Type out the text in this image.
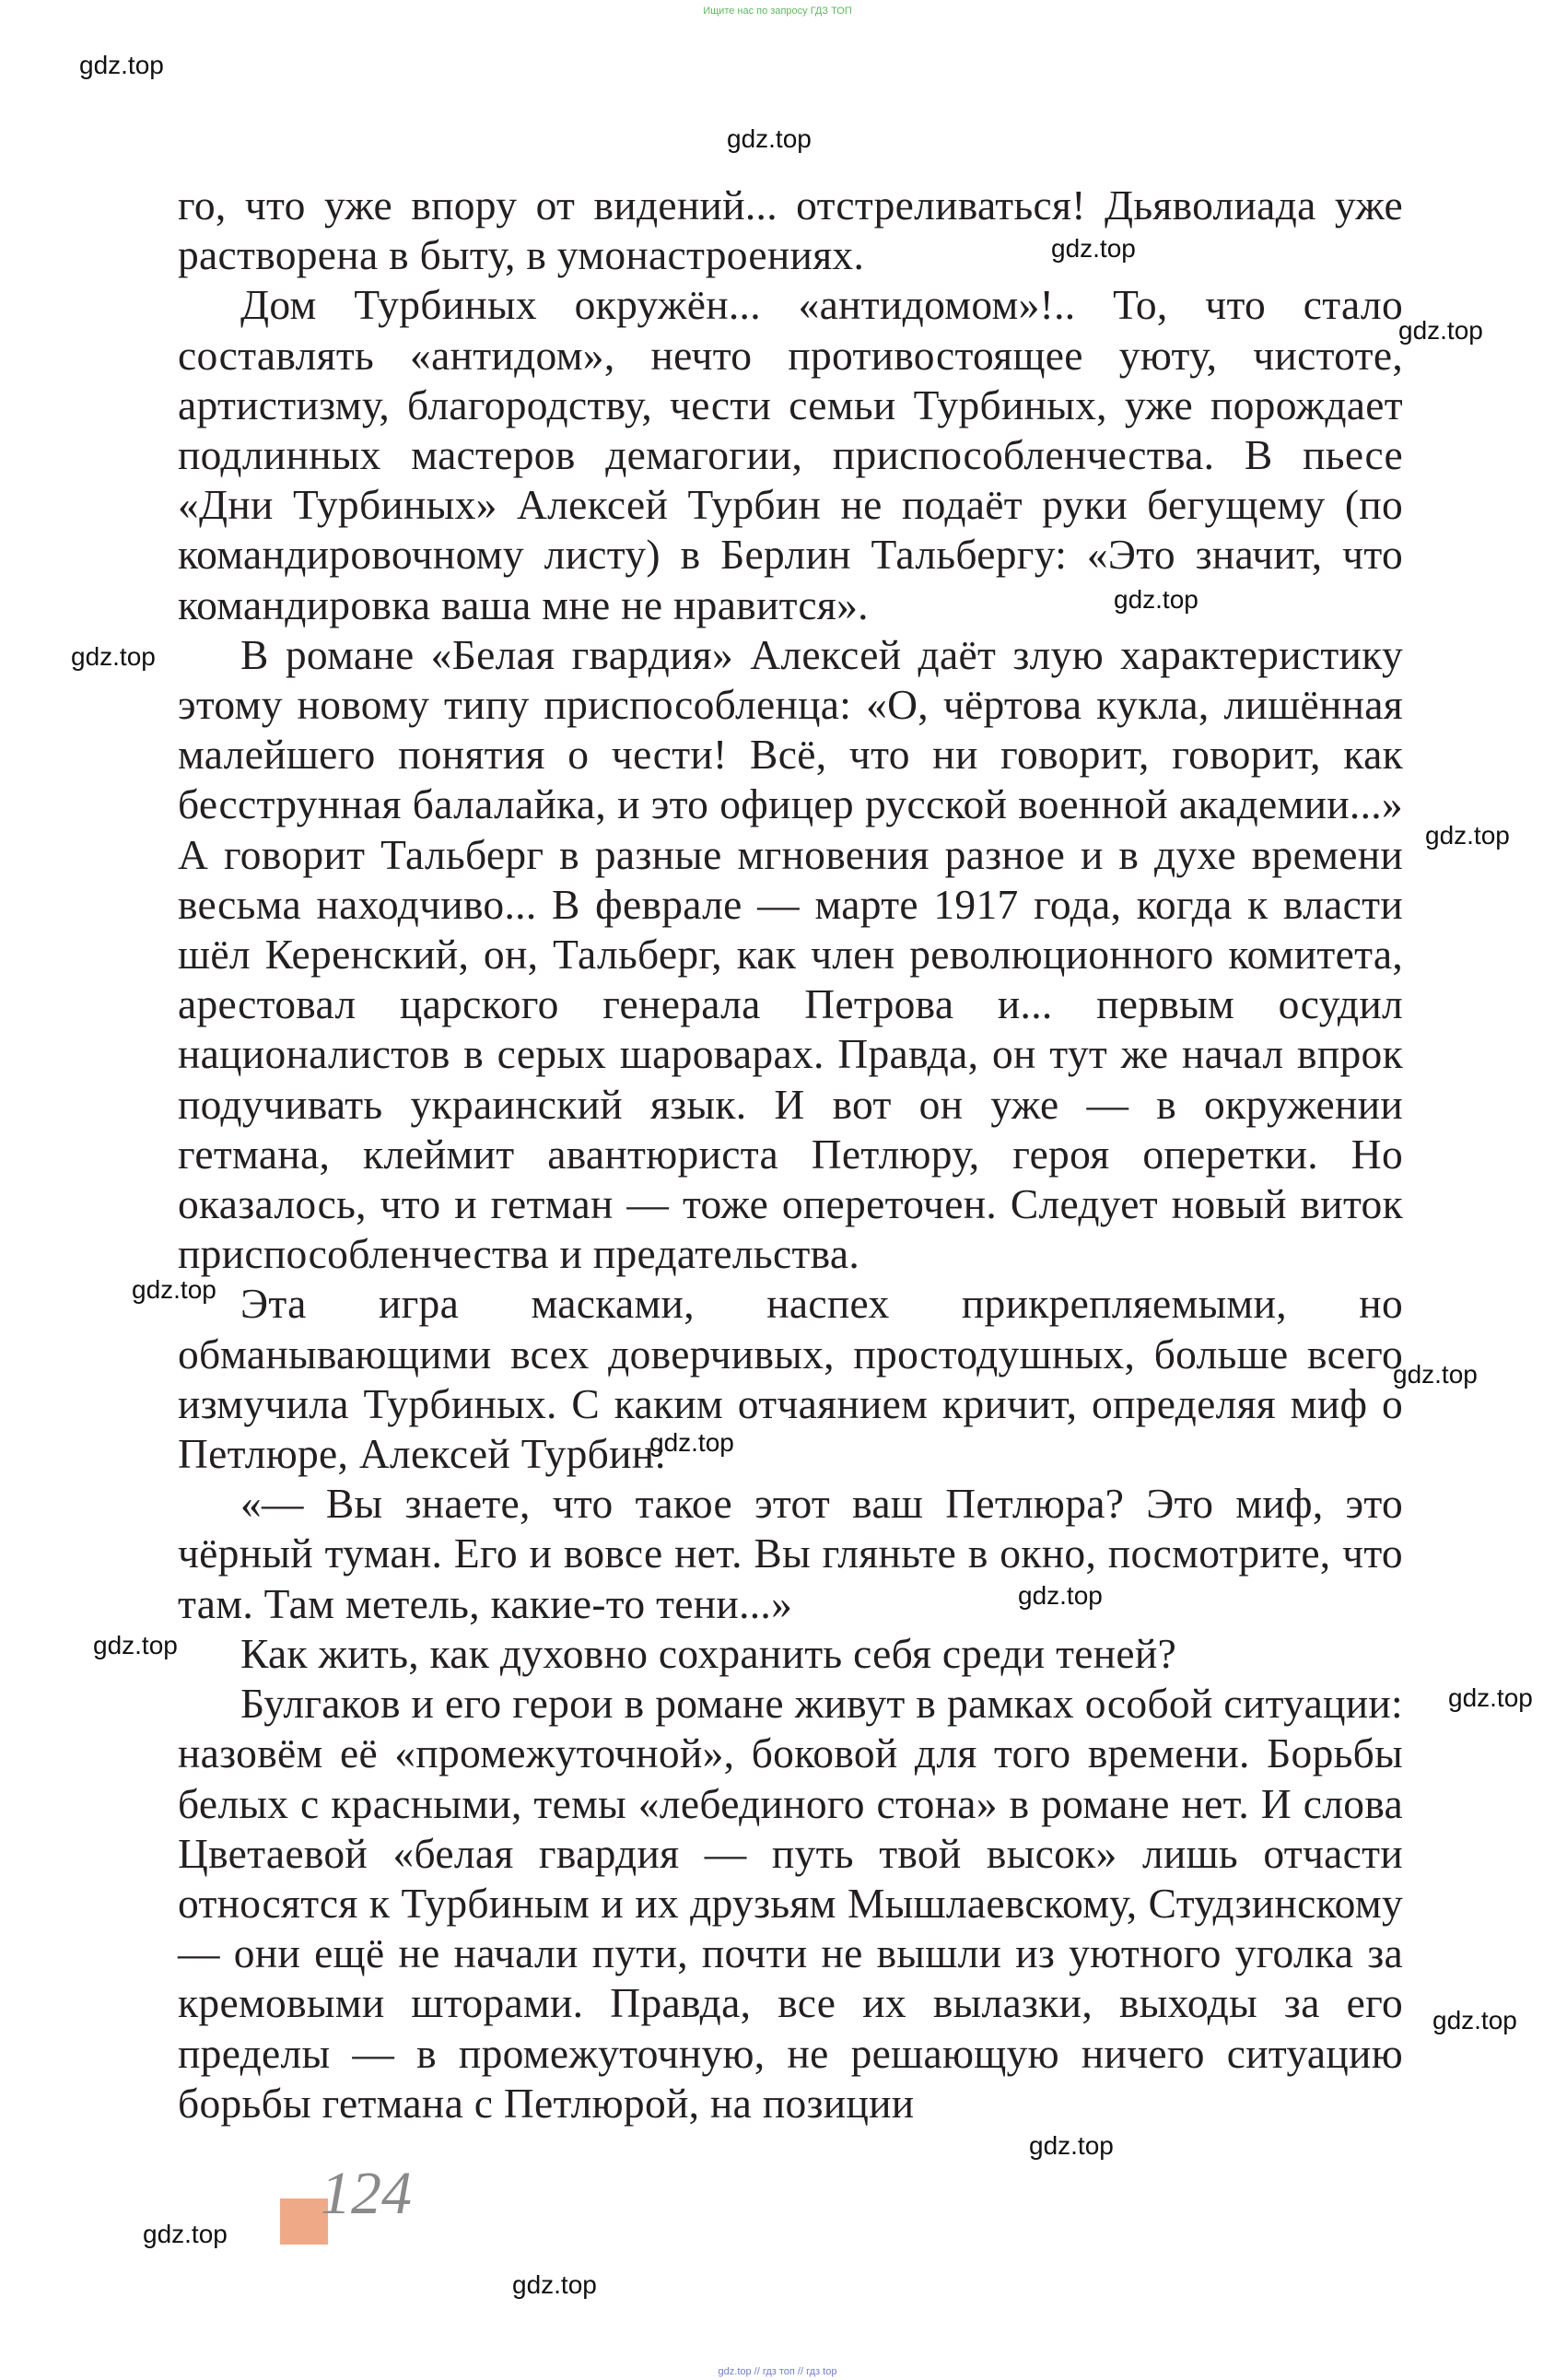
Ищите нас по запросу ГДЗ ТОП
gdz.top
gdz.top
gdz.top
gdz.top
gdz.top
gdz.top
gdz.top
gdz.top
gdz.top
gdz.top
gdz.top
gdz.top
gdz.top
gdz.top
gdz.top
gdz.top
gdz.top

го, что уже впору от видений... отстреливаться! Дьяволиада уже растворена в быту, в умонастроениях.

Дом Турбиных окружён... «антидомом»!.. То, что стало составлять «антидом», нечто противостоящее уюту, чистоте, артистизму, благородству, чести семьи Турбиных, уже порождает подлинных мастеров демагогии, приспособленчества. В пьесе «Дни Турбиных» Алексей Турбин не подаёт руки бегущему (по командировочному листу) в Берлин Тальбергу: «Это значит, что командировка ваша мне не нравится».

В романе «Белая гвардия» Алексей даёт злую характеристику этому новому типу приспособленца: «О, чёртова кукла, лишённая малейшего понятия о чести! Всё, что ни говорит, говорит, как бесструнная балалайка, и это офицер русской военной академии...» А говорит Тальберг в разные мгновения разное и в духе времени весьма находчиво... В феврале — марте 1917 года, когда к власти шёл Керенский, он, Тальберг, как член революционного комитета, арестовал царского генерала Петрова и... первым осудил националистов в серых шароварах. Правда, он тут же начал впрок подучивать украинский язык. И вот он уже — в окружении гетмана, клеймит авантюриста Петлюру, героя оперетки. Но оказалось, что и гетман — тоже опереточен. Следует новый виток приспособленчества и предательства.

Эта игра масками, наспех прикрепляемыми, но обманывающими всех доверчивых, простодушных, больше всего измучила Турбиных. С каким отчаянием кричит, определяя миф о Петлюре, Алексей Турбин:

«— Вы знаете, что такое этот ваш Петлюра? Это миф, это чёрный туман. Его и вовсе нет. Вы гляньте в окно, посмотрите, что там. Там метель, какие-то тени...»

Как жить, как духовно сохранить себя среди теней?

Булгаков и его герои в романе живут в рамках особой ситуации: назовём её «промежуточной», боковой для того времени. Борьбы белых с красными, темы «лебединого стона» в романе нет. И слова Цветаевой «белая гвардия — путь твой высок» лишь отчасти относятся к Турбиным и их друзьям Мышлаевскому, Студзинскому — они ещё не начали пути, почти не вышли из уютного уголка за кремовыми шторами. Правда, все их вылазки, выходы за его пределы — в промежуточную, не решающую ничего ситуацию борьбы гетмана с Петлюрой, на позиции

124
gdz.top // гдз топ // гдз top
